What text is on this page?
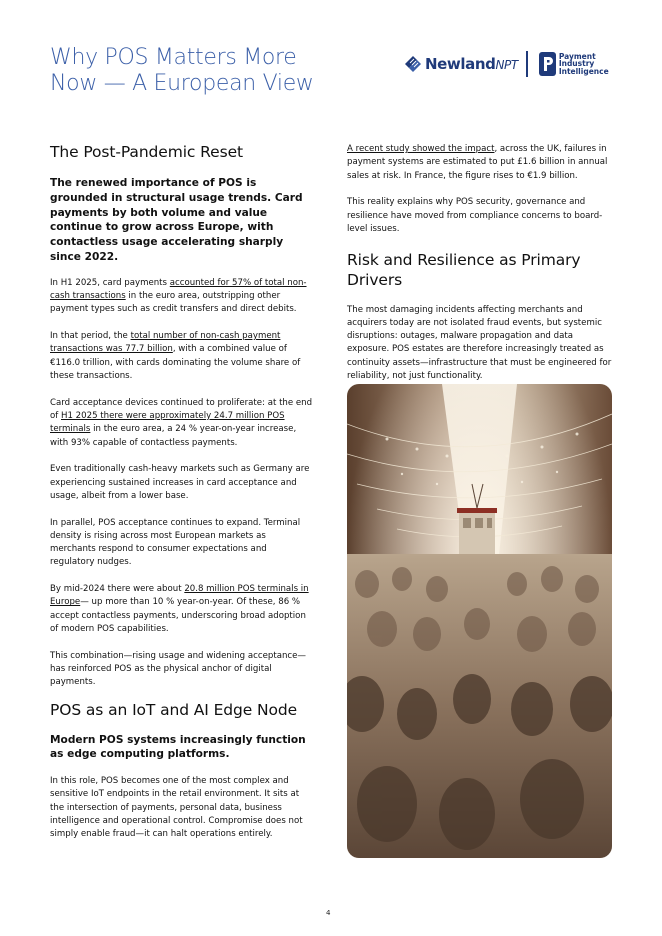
Why POS Matters More Now — A European View
NewlandNPT
Payment Industry Intelligence
The Post-Pandemic Reset

The renewed importance of POS is grounded in structural usage trends. Card payments by both volume and value continue to grow across Europe, with contactless usage accelerating sharply since 2022.

In H1 2025, card payments accounted for 57% of total non-cash transactions in the euro area, outstripping other payment types such as credit transfers and direct debits.

In that period, the total number of non-cash payment transactions was 77.7 billion, with a combined value of €116.0 trillion, with cards dominating the volume share of these transactions.

Card acceptance devices continued to proliferate: at the end of H1 2025 there were approximately 24.7 million POS terminals in the euro area, a 24 % year-on-year increase, with 93% capable of contactless payments.

Even traditionally cash-heavy markets such as Germany are experiencing sustained increases in card acceptance and usage, albeit from a lower base.

In parallel, POS acceptance continues to expand. Terminal density is rising across most European markets as merchants respond to consumer expectations and regulatory nudges.

By mid-2024 there were about 20.8 million POS terminals in Europe— up more than 10 % year-on-year. Of these, 86 % accept contactless payments, underscoring broad adoption of modern POS capabilities.

This combination—rising usage and widening acceptance—has reinforced POS as the physical anchor of digital payments.

POS as an IoT and AI Edge Node

Modern POS systems increasingly function as edge computing platforms.

In this role, POS becomes one of the most complex and sensitive IoT endpoints in the retail environment. It sits at the intersection of payments, personal data, business intelligence and operational control. Compromise does not simply enable fraud—it can halt operations entirely.

A recent study showed the impact, across the UK, failures in payment systems are estimated to put £1.6 billion in annual sales at risk. In France, the figure rises to €1.9 billion.

This reality explains why POS security, governance and resilience have moved from compliance concerns to board-level issues.

Risk and Resilience as Primary Drivers

The most damaging incidents affecting merchants and acquirers today are not isolated fraud events, but systemic disruptions: outages, malware propagation and data exposure. POS estates are therefore increasingly treated as continuity assets—infrastructure that must be engineered for reliability, not just functionality.

4
